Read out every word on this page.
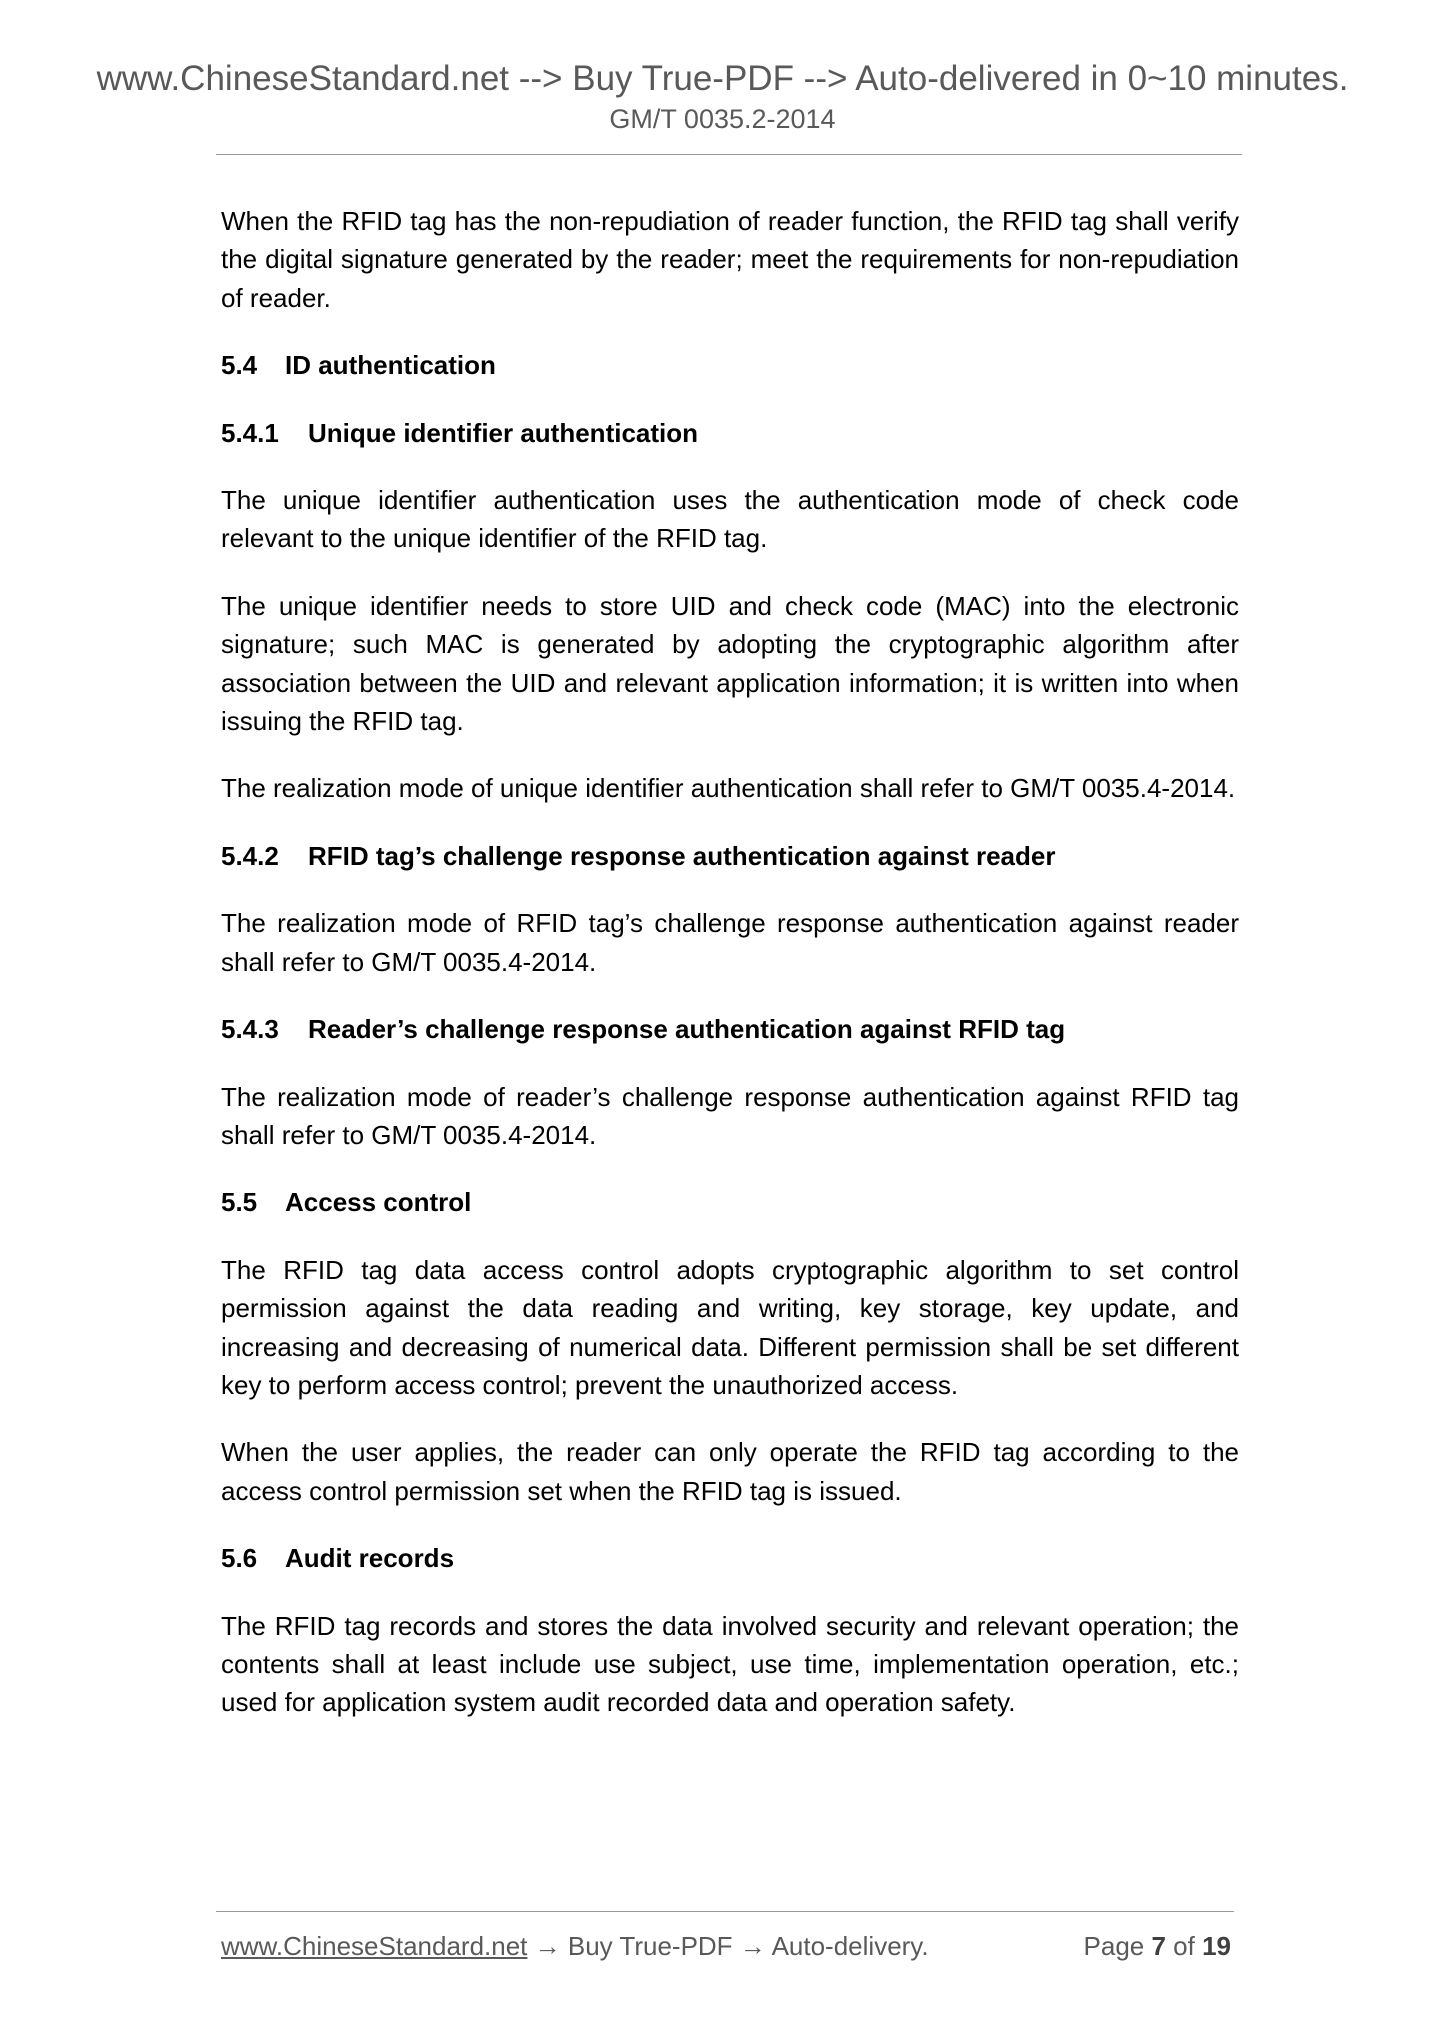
www.ChineseStandard.net --> Buy True-PDF --> Auto-delivered in 0~10 minutes.
GM/T 0035.2-2014

When the RFID tag has the non-repudiation of reader function, the RFID tag shall verify the digital signature generated by the reader; meet the requirements for non-repudiation of reader.

5.4 ID authentication
5.4.1 Unique identifier authentication

The unique identifier authentication uses the authentication mode of check code relevant to the unique identifier of the RFID tag.

The unique identifier needs to store UID and check code (MAC) into the electronic signature; such MAC is generated by adopting the cryptographic algorithm after association between the UID and relevant application information; it is written into when issuing the RFID tag.

The realization mode of unique identifier authentication shall refer to GM/T 0035.4-2014.

5.4.2 RFID tag’s challenge response authentication against reader

The realization mode of RFID tag’s challenge response authentication against reader shall refer to GM/T 0035.4-2014.

5.4.3 Reader’s challenge response authentication against RFID tag

The realization mode of reader’s challenge response authentication against RFID tag shall refer to GM/T 0035.4-2014.

5.5 Access control

The RFID tag data access control adopts cryptographic algorithm to set control permission against the data reading and writing, key storage, key update, and increasing and decreasing of numerical data. Different permission shall be set different key to perform access control; prevent the unauthorized access.

When the user applies, the reader can only operate the RFID tag according to the access control permission set when the RFID tag is issued.

5.6 Audit records

The RFID tag records and stores the data involved security and relevant operation; the contents shall at least include use subject, use time, implementation operation, etc.; used for application system audit recorded data and operation safety.

www.ChineseStandard.net → Buy True-PDF → Auto-delivery.	Page 7 of 19
